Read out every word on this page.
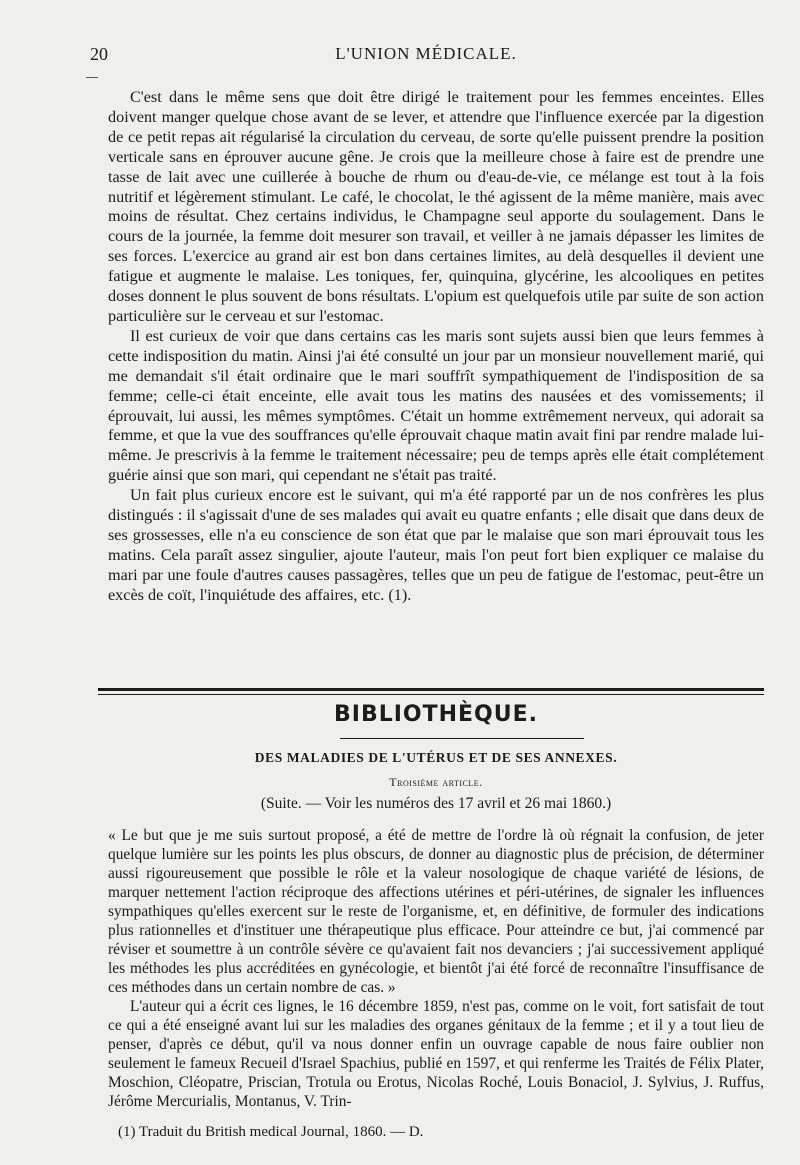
20	L'UNION MÉDICALE.

C'est dans le même sens que doit être dirigé le traitement pour les femmes enceintes. Elles doivent manger quelque chose avant de se lever, et attendre que l'influence exercée par la digestion de ce petit repas ait régularisé la circulation du cerveau, de sorte qu'elle puissent prendre la position verticale sans en éprouver aucune gêne. Je crois que la meilleure chose à faire est de prendre une tasse de lait avec une cuillerée à bouche de rhum ou d'eau-de-vie, ce mélange est tout à la fois nutritif et légèrement stimulant. Le café, le chocolat, le thé agissent de la même manière, mais avec moins de résultat. Chez certains individus, le Champagne seul apporte du soulagement. Dans le cours de la journée, la femme doit mesurer son travail, et veiller à ne jamais dépasser les limites de ses forces. L'exercice au grand air est bon dans certaines limites, au delà desquelles il devient une fatigue et augmente le malaise. Les toniques, fer, quinquina, glycérine, les alcooliques en petites doses donnent le plus souvent de bons résultats. L'opium est quelquefois utile par suite de son action particulière sur le cerveau et sur l'estomac.

Il est curieux de voir que dans certains cas les maris sont sujets aussi bien que leurs femmes à cette indisposition du matin. Ainsi j'ai été consulté un jour par un monsieur nouvellement marié, qui me demandait s'il était ordinaire que le mari souffrît sympathiquement de l'indisposition de sa femme; celle-ci était enceinte, elle avait tous les matins des nausées et des vomissements; il éprouvait, lui aussi, les mêmes symptômes. C'était un homme extrêmement nerveux, qui adorait sa femme, et que la vue des souffrances qu'elle éprouvait chaque matin avait fini par rendre malade lui-même. Je prescrivis à la femme le traitement nécessaire; peu de temps après elle était complétement guérie ainsi que son mari, qui cependant ne s'était pas traité.

Un fait plus curieux encore est le suivant, qui m'a été rapporté par un de nos confrères les plus distingués : il s'agissait d'une de ses malades qui avait eu quatre enfants ; elle disait que dans deux de ses grossesses, elle n'a eu conscience de son état que par le malaise que son mari éprouvait tous les matins. Cela paraît assez singulier, ajoute l'auteur, mais l'on peut fort bien expliquer ce malaise du mari par une foule d'autres causes passagères, telles que un peu de fatigue de l'estomac, peut-être un excès de coït, l'inquiétude des affaires, etc. (1).

BIBLIOTHÈQUE.
DES MALADIES DE L'UTÉRUS ET DE SES ANNEXES.
Troisième article.
(Suite. — Voir les numéros des 17 avril et 26 mai 1860.)

« Le but que je me suis surtout proposé, a été de mettre de l'ordre là où régnait la confusion, de jeter quelque lumière sur les points les plus obscurs, de donner au diagnostic plus de précision, de déterminer aussi rigoureusement que possible le rôle et la valeur nosologique de chaque variété de lésions, de marquer nettement l'action réciproque des affections utérines et péri-utérines, de signaler les influences sympathiques qu'elles exercent sur le reste de l'organisme, et, en définitive, de formuler des indications plus rationnelles et d'instituer une thérapeutique plus efficace. Pour atteindre ce but, j'ai commencé par réviser et soumettre à un contrôle sévère ce qu'avaient fait nos devanciers ; j'ai successivement appliqué les méthodes les plus accréditées en gynécologie, et bientôt j'ai été forcé de reconnaître l'insuffisance de ces méthodes dans un certain nombre de cas. »

L'auteur qui a écrit ces lignes, le 16 décembre 1859, n'est pas, comme on le voit, fort satisfait de tout ce qui a été enseigné avant lui sur les maladies des organes génitaux de la femme ; et il y a tout lieu de penser, d'après ce début, qu'il va nous donner enfin un ouvrage capable de nous faire oublier non seulement le fameux Recueil d'Israel Spachius, publié en 1597, et qui renferme les Traités de Félix Plater, Moschion, Cléopatre, Priscian, Trotula ou Erotus, Nicolas Roché, Louis Bonaciol, J. Sylvius, J. Ruffus, Jérôme Mercurialis, Montanus, V. Trin-

(1) Traduit du British medical Journal, 1860. — D.
